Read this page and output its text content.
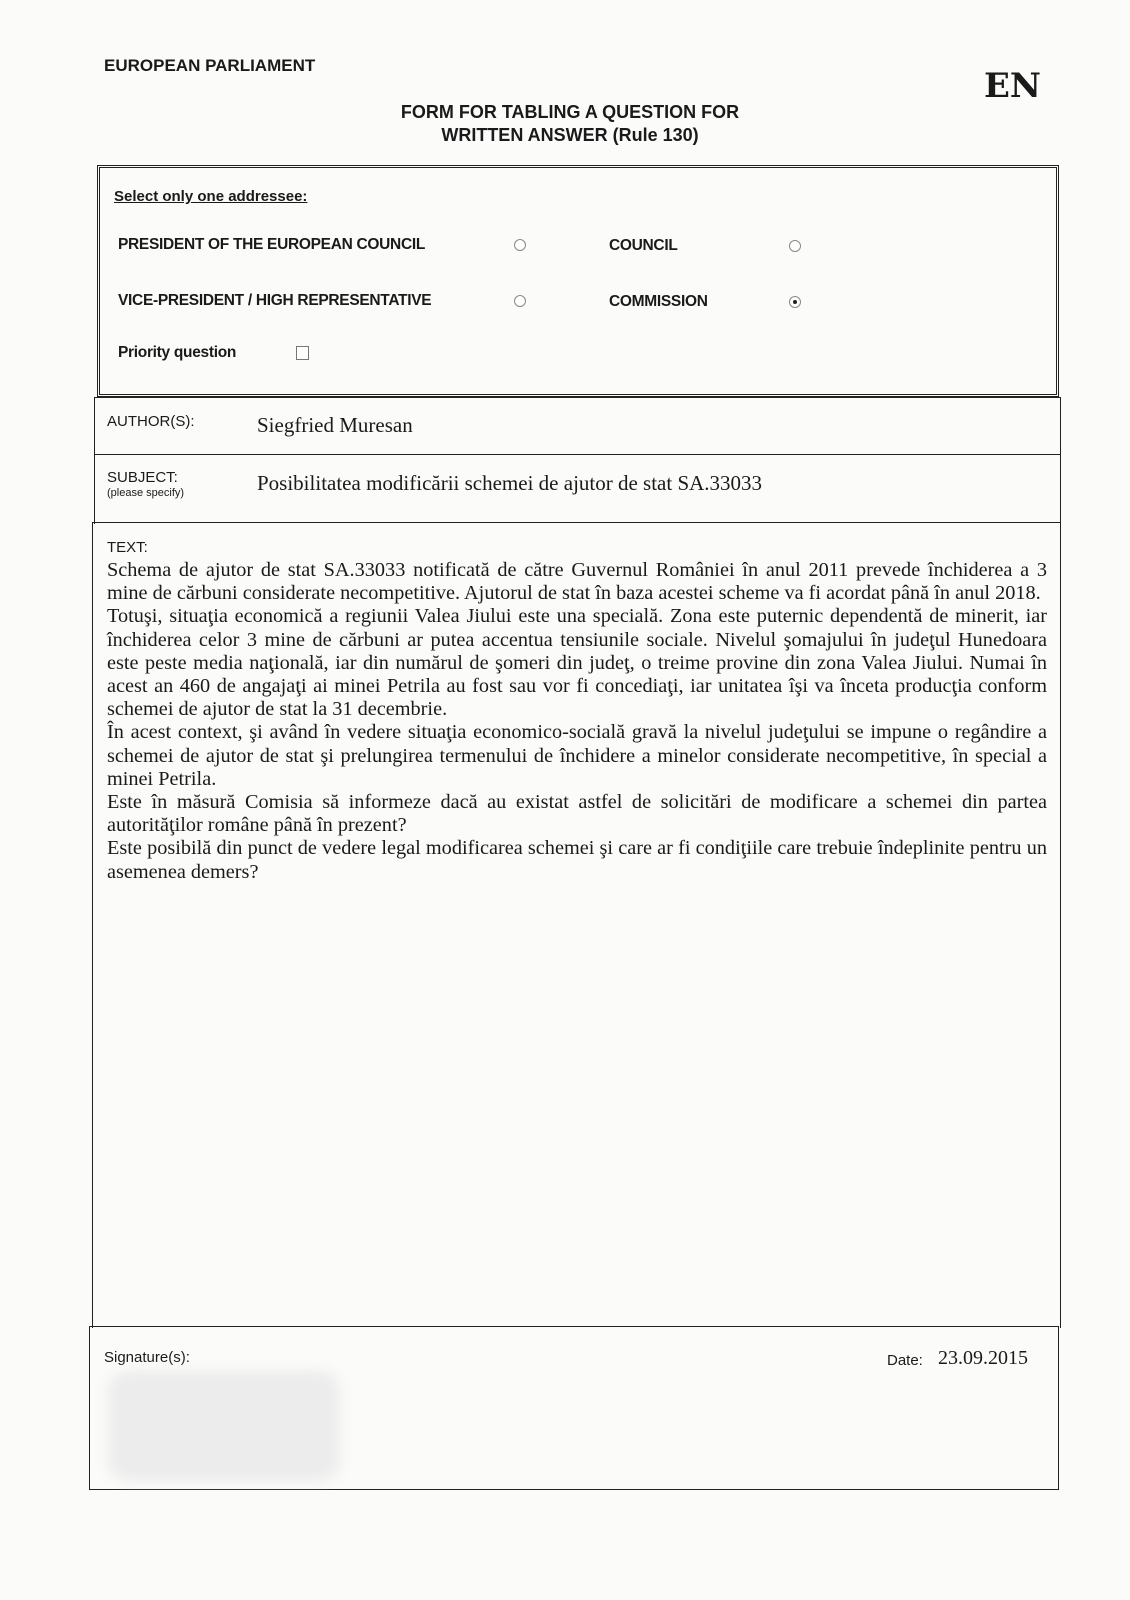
EUROPEAN PARLIAMENT
EN
FORM FOR TABLING A QUESTION FOR
WRITTEN ANSWER (Rule 130)
Select only one addressee:
PRESIDENT OF THE EUROPEAN COUNCIL	COUNCIL
VICE-PRESIDENT / HIGH REPRESENTATIVE	COMMISSION
Priority question
AUTHOR(S):	Siegfried Muresan
SUBJECT:
(please specify)	Posibilitatea modificării schemei de ajutor de stat SA.33033
TEXT:

Schema de ajutor de stat SA.33033 notificată de către Guvernul României în anul 2011 prevede închiderea a 3 mine de cărbuni considerate necompetitive. Ajutorul de stat în baza acestei scheme va fi acordat până în anul 2018.

Totuşi, situaţia economică a regiunii Valea Jiului este una specială. Zona este puternic dependentă de minerit, iar închiderea celor 3 mine de cărbuni ar putea accentua tensiunile sociale. Nivelul şomajului în judeţul Hunedoara este peste media naţională, iar din numărul de şomeri din judeţ, o treime provine din zona Valea Jiului. Numai în acest an 460 de angajaţi ai minei Petrila au fost sau vor fi concediaţi, iar unitatea îşi va înceta producţia conform schemei de ajutor de stat la 31 decembrie.

În acest context, şi având în vedere situaţia economico-socială gravă la nivelul judeţului se impune o regândire a schemei de ajutor de stat şi prelungirea termenului de închidere a minelor considerate necompetitive, în special a minei Petrila.

Este în măsură Comisia să informeze dacă au existat astfel de solicitări de modificare a schemei din partea autorităţilor române până în prezent?

Este posibilă din punct de vedere legal modificarea schemei şi care ar fi condiţiile care trebuie îndeplinite pentru un asemenea demers?

Signature(s):	Date: 23.09.2015
